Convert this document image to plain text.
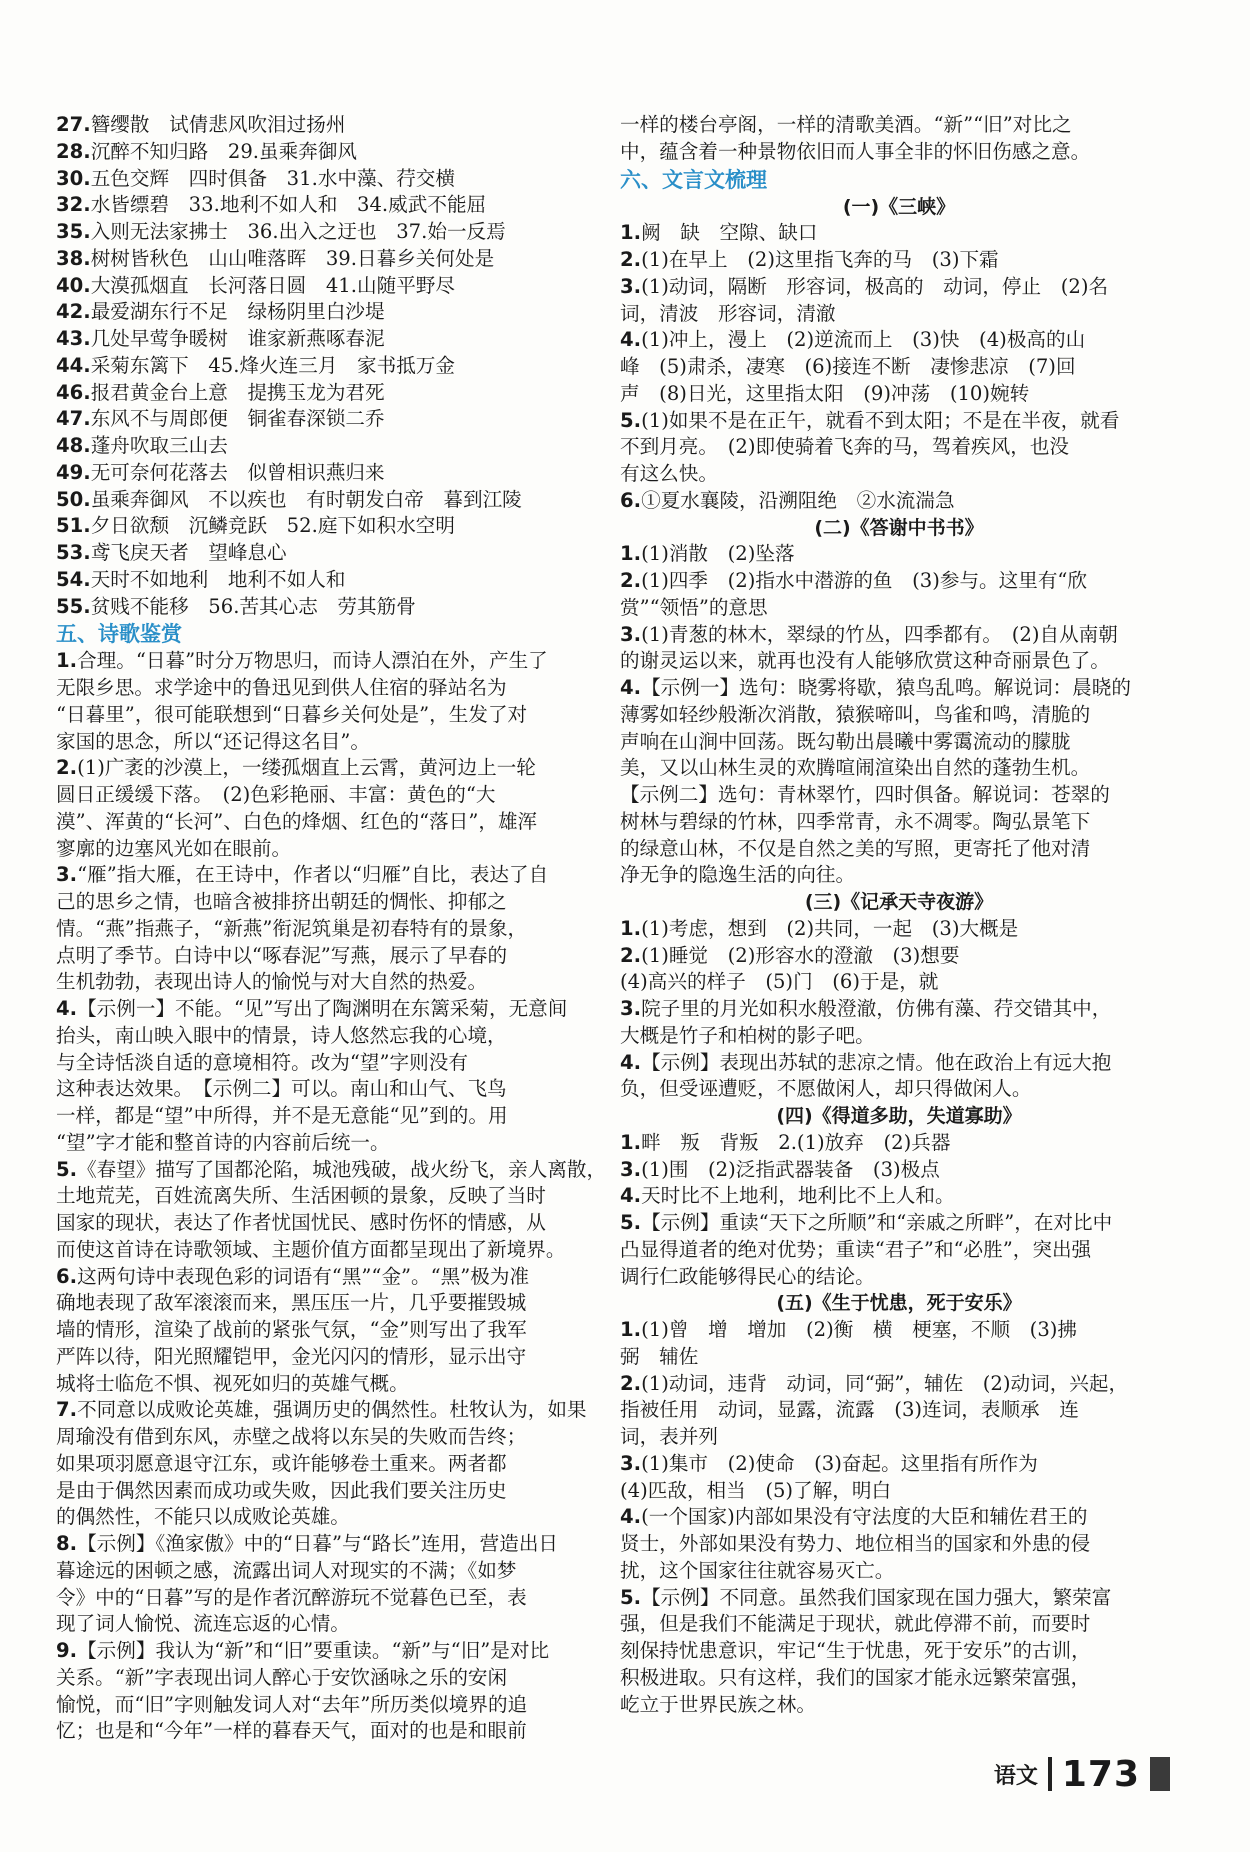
27.簪缨散　试倩悲风吹泪过扬州
28.沉醉不知归路　29.虽乘奔御风
30.五色交辉　四时俱备　31.水中藻、荇交横
32.水皆缥碧　33.地利不如人和　34.威武不能屈
35.入则无法家拂士　36.出入之迂也　37.始一反焉
38.树树皆秋色　山山唯落晖　39.日暮乡关何处是
40.大漠孤烟直　长河落日圆　41.山随平野尽
42.最爱湖东行不足　绿杨阴里白沙堤
43.几处早莺争暖树　谁家新燕啄春泥
44.采菊东篱下　45.烽火连三月　家书抵万金
46.报君黄金台上意　提携玉龙为君死
47.东风不与周郎便　铜雀春深锁二乔
48.蓬舟吹取三山去
49.无可奈何花落去　似曾相识燕归来
50.虽乘奔御风　不以疾也　有时朝发白帝　暮到江陵
51.夕日欲颓　沉鳞竞跃　52.庭下如积水空明
53.鸢飞戾天者　望峰息心
54.天时不如地利　地利不如人和
55.贫贱不能移　56.苦其心志　劳其筋骨
五、诗歌鉴赏
1.合理。“日暮”时分万物思归，而诗人漂泊在外，产生了
无限乡思。求学途中的鲁迅见到供人住宿的驿站名为
“日暮里”，很可能联想到“日暮乡关何处是”，生发了对
家国的思念，所以“还记得这名目”。
2.(1)广袤的沙漠上，一缕孤烟直上云霄，黄河边上一轮
圆日正缓缓下落。　(2)色彩艳丽、丰富：黄色的“大
漠”、浑黄的“长河”、白色的烽烟、红色的“落日”，雄浑
寥廓的边塞风光如在眼前。
3.“雁”指大雁，在王诗中，作者以“归雁”自比，表达了自
己的思乡之情，也暗含被排挤出朝廷的惆怅、抑郁之
情。“燕”指燕子，“新燕”衔泥筑巢是初春特有的景象，
点明了季节。白诗中以“啄春泥”写燕，展示了早春的
生机勃勃，表现出诗人的愉悦与对大自然的热爱。
4.【示例一】不能。“见”写出了陶渊明在东篱采菊，无意间
抬头，南山映入眼中的情景，诗人悠然忘我的心境，
与全诗恬淡自适的意境相符。改为“望”字则没有
这种表达效果。　【示例二】可以。南山和山气、飞鸟
一样，都是“望”中所得，并不是无意能“见”到的。用
“望”字才能和整首诗的内容前后统一。
5.《春望》描写了国都沦陷，城池残破，战火纷飞，亲人离散，
土地荒芜，百姓流离失所、生活困顿的景象，反映了当时
国家的现状，表达了作者忧国忧民、感时伤怀的情感，从
而使这首诗在诗歌领域、主题价值方面都呈现出了新境界。
6.这两句诗中表现色彩的词语有“黑”“金”。“黑”极为准
确地表现了敌军滚滚而来，黑压压一片，几乎要摧毁城
墙的情形，渲染了战前的紧张气氛，“金”则写出了我军
严阵以待，阳光照耀铠甲，金光闪闪的情形，显示出守
城将士临危不惧、视死如归的英雄气概。
7.不同意以成败论英雄，强调历史的偶然性。杜牧认为，如果
周瑜没有借到东风，赤壁之战将以东吴的失败而告终；
如果项羽愿意退守江东，或许能够卷土重来。两者都
是由于偶然因素而成功或失败，因此我们要关注历史
的偶然性，不能只以成败论英雄。
8.【示例】《渔家傲》中的“日暮”与“路长”连用，营造出日
暮途远的困顿之感，流露出词人对现实的不满；《如梦
令》中的“日暮”写的是作者沉醉游玩不觉暮色已至，表
现了词人愉悦、流连忘返的心情。
9.【示例】我认为“新”和“旧”要重读。“新”与“旧”是对比
关系。“新”字表现出词人醉心于安饮涵咏之乐的安闲
愉悦，而“旧”字则触发词人对“去年”所历类似境界的追
忆；也是和“今年”一样的暮春天气，面对的也是和眼前
一样的楼台亭阁，一样的清歌美酒。“新”“旧”对比之
中，蕴含着一种景物依旧而人事全非的怀旧伤感之意。
六、文言文梳理
(一)《三峡》
1.阙　缺　空隙、缺口
2.(1)在早上　(2)这里指飞奔的马　(3)下霜
3.(1)动词，隔断　形容词，极高的　动词，停止　(2)名
词，清波　形容词，清澈
4.(1)冲上，漫上　(2)逆流而上　(3)快　(4)极高的山
峰　(5)肃杀，凄寒　(6)接连不断　凄惨悲凉　(7)回
声　(8)日光，这里指太阳　(9)冲荡　(10)婉转
5.(1)如果不是在正午，就看不到太阳；不是在半夜，就看
不到月亮。　(2)即使骑着飞奔的马，驾着疾风，也没
有这么快。
6.①夏水襄陵，沿溯阻绝　②水流湍急
(二)《答谢中书书》
1.(1)消散　(2)坠落
2.(1)四季　(2)指水中潜游的鱼　(3)参与。这里有“欣
赏”“领悟”的意思
3.(1)青葱的林木，翠绿的竹丛，四季都有。　(2)自从南朝
的谢灵运以来，就再也没有人能够欣赏这种奇丽景色了。
4.【示例一】选句：晓雾将歇，猿鸟乱鸣。解说词：晨晓的
薄雾如轻纱般渐次消散，猿猴啼叫，鸟雀和鸣，清脆的
声响在山涧中回荡。既勾勒出晨曦中雾霭流动的朦胧
美，又以山林生灵的欢腾喧闹渲染出自然的蓬勃生机。
【示例二】选句：青林翠竹，四时俱备。解说词：苍翠的
树林与碧绿的竹林，四季常青，永不凋零。陶弘景笔下
的绿意山林，不仅是自然之美的写照，更寄托了他对清
净无争的隐逸生活的向往。
(三)《记承天寺夜游》
1.(1)考虑，想到　(2)共同，一起　(3)大概是
2.(1)睡觉　(2)形容水的澄澈　(3)想要
(4)高兴的样子　(5)门　(6)于是，就
3.院子里的月光如积水般澄澈，仿佛有藻、荇交错其中，
大概是竹子和柏树的影子吧。
4.【示例】表现出苏轼的悲凉之情。他在政治上有远大抱
负，但受诬遭贬，不愿做闲人，却只得做闲人。
(四)《得道多助，失道寡助》
1.畔　叛　背叛　2.(1)放弃　(2)兵器
3.(1)围　(2)泛指武器装备　(3)极点
4.天时比不上地利，地利比不上人和。
5.【示例】重读“天下之所顺”和“亲戚之所畔”，在对比中
凸显得道者的绝对优势；重读“君子”和“必胜”，突出强
调行仁政能够得民心的结论。
(五)《生于忧患，死于安乐》
1.(1)曾　增　增加　(2)衡　横　梗塞，不顺　(3)拂
弼　辅佐
2.(1)动词，违背　动词，同“弼”，辅佐　(2)动词，兴起，
指被任用　动词，显露，流露　(3)连词，表顺承　连
词，表并列
3.(1)集市　(2)使命　(3)奋起。这里指有所作为
(4)匹敌，相当　(5)了解，明白
4.(一个国家)内部如果没有守法度的大臣和辅佐君王的
贤士，外部如果没有势力、地位相当的国家和外患的侵
扰，这个国家往往就容易灭亡。
5.【示例】不同意。虽然我们国家现在国力强大，繁荣富
强，但是我们不能满足于现状，就此停滞不前，而要时
刻保持忧患意识，牢记“生于忧患，死于安乐”的古训，
积极进取。只有这样，我们的国家才能永远繁荣富强，
屹立于世界民族之林。
语文 173
